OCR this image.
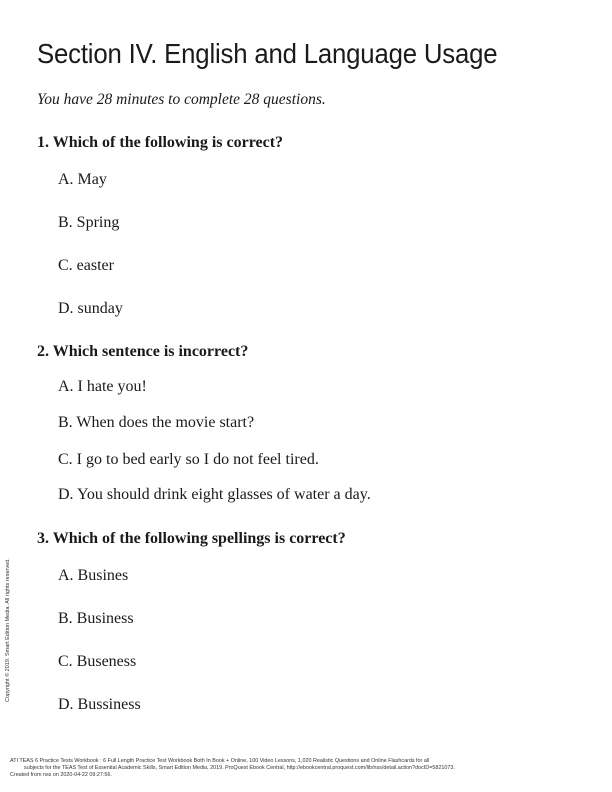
Section IV. English and Language Usage

You have 28 minutes to complete 28 questions.

1. Which of the following is correct?

A. May

B. Spring

C. easter

D. sunday

2. Which sentence is incorrect?

A. I hate you!

B. When does the movie start?

C. I go to bed early so I do not feel tired.

D. You should drink eight glasses of water a day.

3. Which of the following spellings is correct?

A. Busines

B. Business

C. Buseness

D. Bussiness

Copyright © 2019. Smart Edition Media. All rights reserved.
ATI TEAS 6 Practice Tests Workbook : 6 Full Length Practice Test Workbook Both In Book + Online, 100 Video Lessons, 1,020 Realistic Questions and Online Flashcards for all
subjects for the TEAS Test of Essential Academic Skills, Smart Edition Media, 2019. ProQuest Ebook Central, http://ebookcentral.proquest.com/lib/nss/detail.action?docID=5821073.
Created from nss on 2020-04-22 09:27:56.
